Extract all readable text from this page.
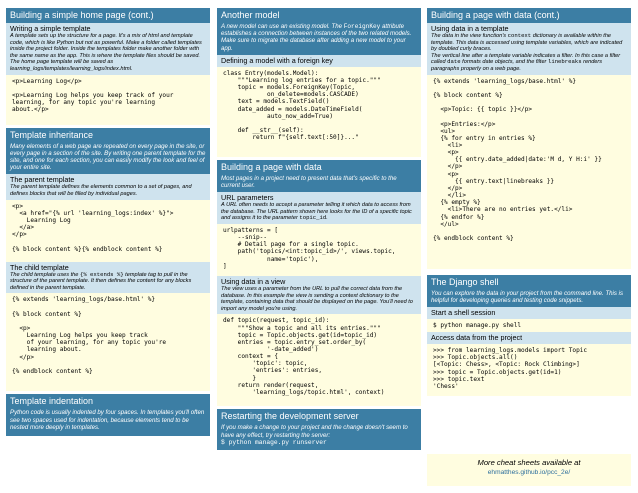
Building a simple home page (cont.)
Writing a simple template
A template sets up the structure for a page. It's a mix of html and template code, which is like Python but not as powerful. Make a folder called templates inside the project folder. Inside the templates folder make another folder with the same name as the app. This is where the template files should be saved.
The home page template will be saved as learning_logs/templates/learning_logs/index.html.
<p>Learning Log</p>

<p>Learning Log helps you keep track of your
learning, for any topic you're learning
about.</p>
Template inheritance
Many elements of a web page are repeated on every page in the site, or every page in a section of the site. By writing one parent template for the site, and one for each section, you can easily modify the look and feel of your entire site.
The parent template
The parent template defines the elements common to a set of pages, and defines blocks that will be filled by individual pages.
<p>
<a href="{% url 'learning_logs:index' %}">
Learning Log
</a>
</p>

{% block content %}{% endblock content %}
The child template
The child template uses the {% extends %} template tag to pull in the structure of the parent template. It then defines the content for any blocks defined in the parent template.
{% extends 'learning_logs/base.html' %}

{% block content %}

<p>
Learning Log helps you keep track
of your learning, for any topic you're
learning about.
</p>

{% endblock content %}
Template indentation
Python code is usually indented by four spaces. In templates you'll often see two spaces used for indentation, because elements tend to be nested more deeply in templates.
Another model
A new model can use an existing model. The ForeignKey attribute establishes a connection between instances of the two related models. Make sure to migrate the database after adding a new model to your app.
Defining a model with a foreign key
class Entry(models.Model):
"""Learning log entries for a topic."""
topic = models.ForeignKey(Topic,
on_delete=models.CASCADE)
text = models.TextField()
date_added = models.DateTimeField(
auto_now_add=True)

def __str__(self):
return f"{self.text[:50]}..."
Building a page with data
Most pages in a project need to present data that's specific to the current user.
URL parameters
A URL often needs to accept a parameter telling it which data to access from the database. The URL pattern shown here looks for the ID of a specific topic and assigns it to the parameter topic_id.
urlpatterns = [
--snip--
# Detail page for a single topic.
path('topics/<int:topic_id>/', views.topic,
name='topic'),
]
Using data in a view
The view uses a parameter from the URL to pull the correct data from the database. In this example the view is sending a context dictionary to the template, containing data that should be displayed on the page. You'll need to import any model you're using.
def topic(request, topic_id):
"""Show a topic and all its entries."""
topic = Topic.objects.get(id=topic_id)
entries = topic.entry_set.order_by(
'-date_added')
context = {
'topic': topic,
'entries': entries,
}
return render(request,
'learning_logs/topic.html', context)
Restarting the development server
If you make a change to your project and the change doesn't seem to have any effect, try restarting the server:
$ python manage.py runserver
Building a page with data (cont.)
Using data in a template
The data in the view function's context dictionary is available within the template. This data is accessed using template variables, which are indicated by doubled curly braces.
The vertical line after a template variable indicates a filter. In this case a filter called date formats date objects, and the filter linebreaks renders paragraphs properly on a web page.
{% extends 'learning_logs/base.html' %}

{% block content %}

<p>Topic: {{ topic }}</p>

<p>Entries:</p>
<ul>
{% for entry in entries %}
<li>
<p>
{{ entry.date_added|date:'M d, Y H:i' }}
</p>
<p>
{{ entry.text|linebreaks }}
</p>
</li>
{% empty %}
<li>There are no entries yet.</li>
{% endfor %}
</ul>

{% endblock content %}
The Django shell
You can explore the data in your project from the command line. This is helpful for developing queries and testing code snippets.
Start a shell session
$ python manage.py shell
Access data from the project
>>> from learning_logs.models import Topic
>>> Topic.objects.all()
[<Topic: Chess>, <Topic: Rock Climbing>]
>>> topic = Topic.objects.get(id=1)
>>> topic.text
'Chess'
More cheat sheets available at
ehmatthes.github.io/pcc_2e/
